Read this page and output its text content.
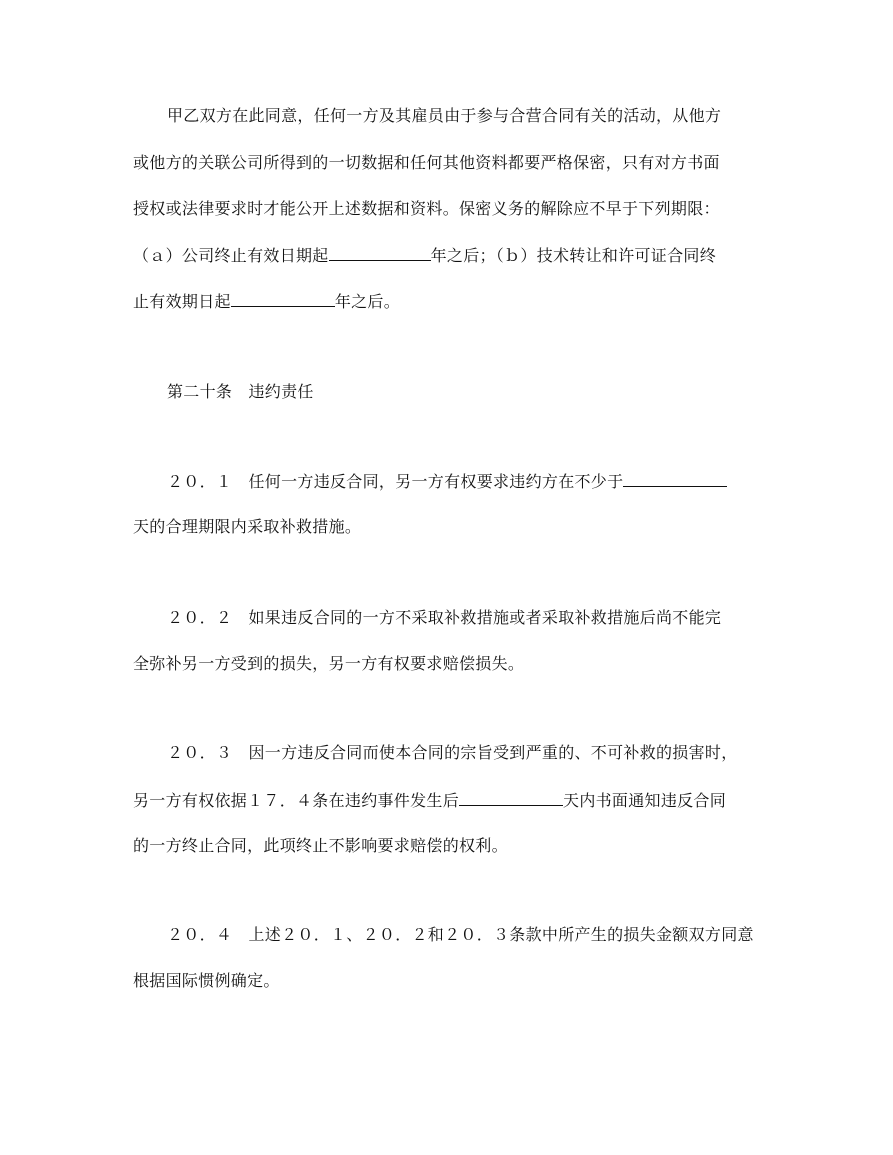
甲乙双方在此同意，任何一方及其雇员由于参与合营合同有关的活动，从他方
或他方的关联公司所得到的一切数据和任何其他资料都要严格保密，只有对方书面
授权或法律要求时才能公开上述数据和资料。保密义务的解除应不早于下列期限：
（ａ）公司终止有效日期起	年之后；（ｂ）技术转让和许可证合同终
止有效期日起	年之后。
第二十条　违约责任
２０．１　任何一方违反合同，另一方有权要求违约方在不少于
天的合理期限内采取补救措施。
２０．２　如果违反合同的一方不采取补救措施或者采取补救措施后尚不能完
全弥补另一方受到的损失，另一方有权要求赔偿损失。
２０．３　因一方违反合同而使本合同的宗旨受到严重的、不可补救的损害时，
另一方有权依据１７．４条在违约事件发生后	天内书面通知违反合同
的一方终止合同，此项终止不影响要求赔偿的权利。
２０．４　上述２０．１、２０．２和２０．３条款中所产生的损失金额双方同意
根据国际惯例确定。
